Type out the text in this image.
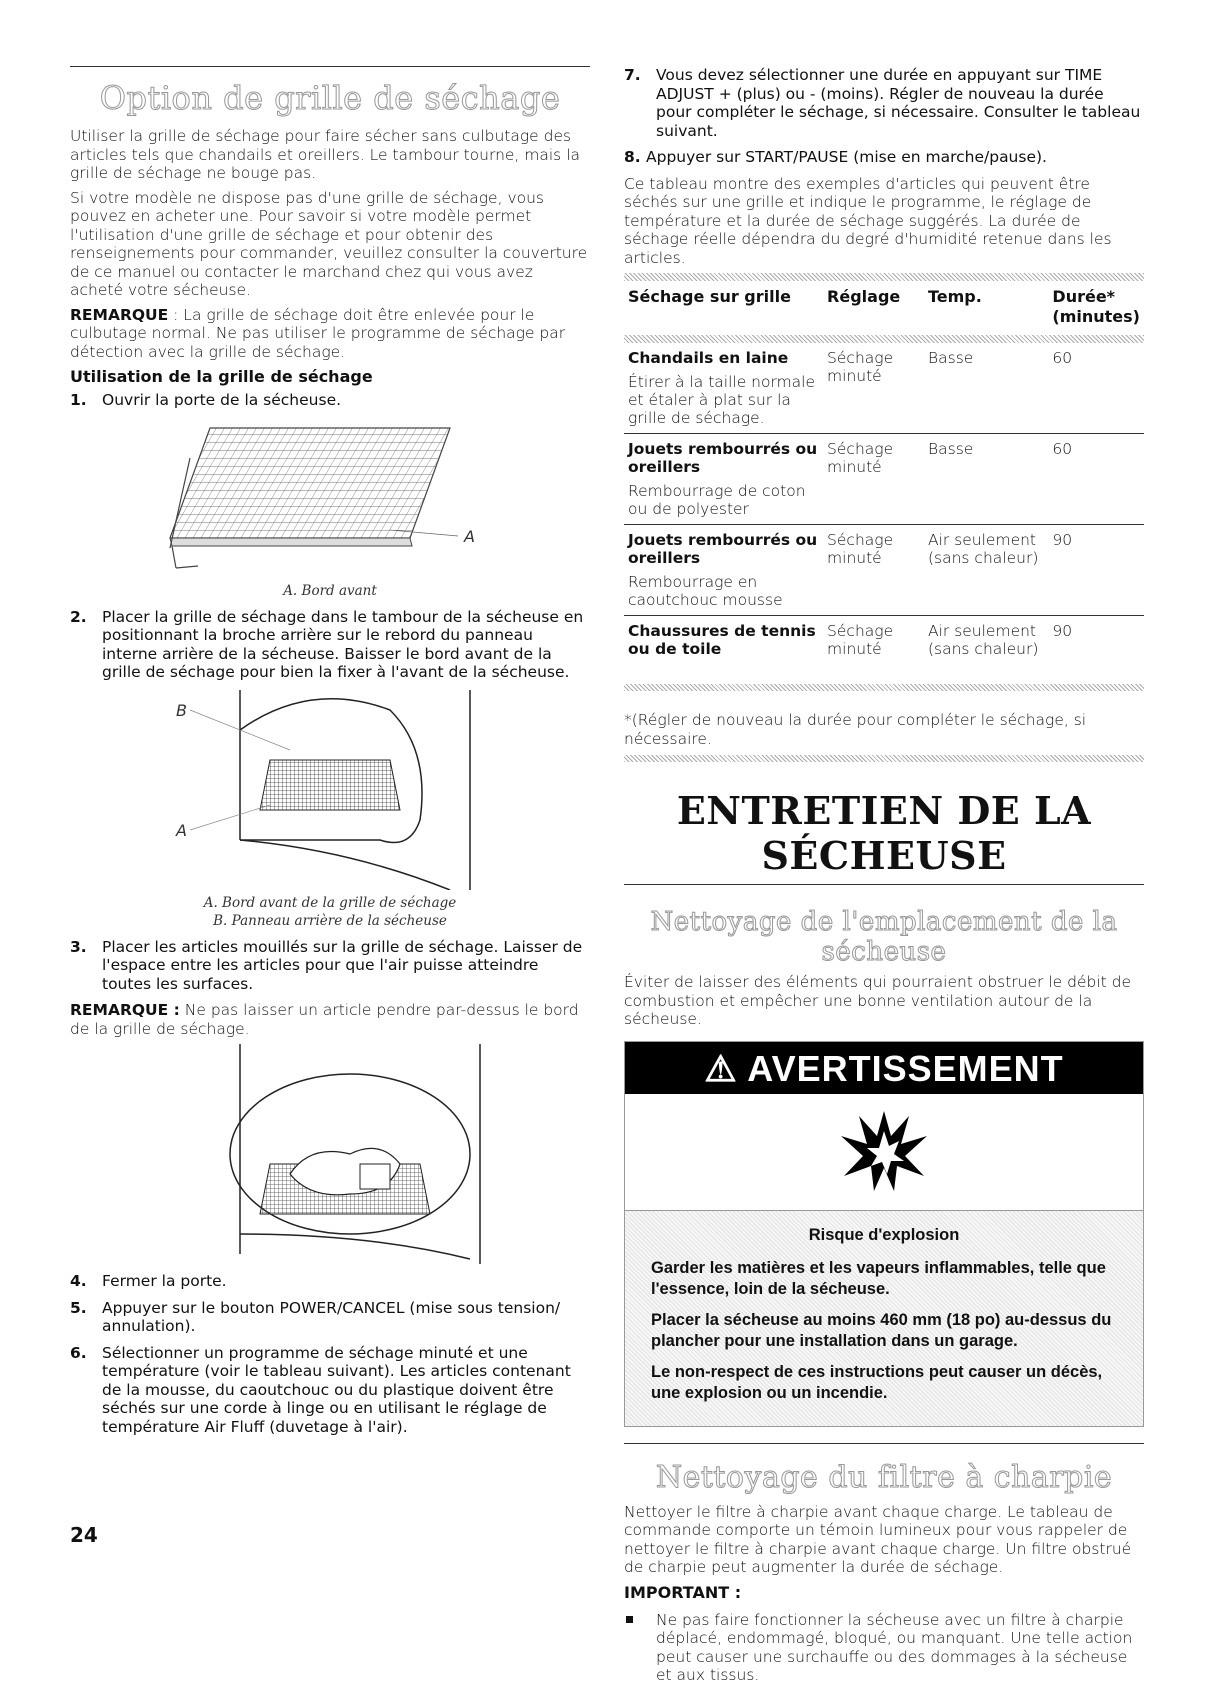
Option de grille de séchage

Utiliser la grille de séchage pour faire sécher sans culbutage des articles tels que chandails et oreillers. Le tambour tourne, mais la grille de séchage ne bouge pas.

Si votre modèle ne dispose pas d'une grille de séchage, vous pouvez en acheter une. Pour savoir si votre modèle permet l'utilisation d'une grille de séchage et pour obtenir des renseignements pour commander, veuillez consulter la couverture de ce manuel ou contacter le marchand chez qui vous avez acheté votre sécheuse.

REMARQUE : La grille de séchage doit être enlevée pour le culbutage normal. Ne pas utiliser le programme de séchage par détection avec la grille de séchage.

Utilisation de la grille de séchage
1. Ouvrir la porte de la sécheuse.
A
A. Bord avant
2. Placer la grille de séchage dans le tambour de la sécheuse en positionnant la broche arrière sur le rebord du panneau interne arrière de la sécheuse. Baisser le bord avant de la grille de séchage pour bien la fixer à l'avant de la sécheuse.
B
A
A. Bord avant de la grille de séchage
B. Panneau arrière de la sécheuse
3. Placer les articles mouillés sur la grille de séchage. Laisser de l'espace entre les articles pour que l'air puisse atteindre toutes les surfaces.

REMARQUE : Ne pas laisser un article pendre par-dessus le bord de la grille de séchage.

4. Fermer la porte.
5. Appuyer sur le bouton POWER/CANCEL (mise sous tension/ annulation).
6. Sélectionner un programme de séchage minuté et une température (voir le tableau suivant). Les articles contenant de la mousse, du caoutchouc ou du plastique doivent être séchés sur une corde à linge ou en utilisant le réglage de température Air Fluff (duvetage à l'air).
7. Vous devez sélectionner une durée en appuyant sur TIME ADJUST + (plus) ou - (moins). Régler de nouveau la durée pour compléter le séchage, si nécessaire. Consulter le tableau suivant.
8. Appuyer sur START/PAUSE (mise en marche/pause).

Ce tableau montre des exemples d'articles qui peuvent être séchés sur une grille et indique le programme, le réglage de température et la durée de séchage suggérés. La durée de séchage réelle dépendra du degré d'humidité retenue dans les articles.

Séchage sur grille	Réglage	Temp.	Durée* (minutes)

Chandails en laine
Étirer à la taille normale et étaler à plat sur la grille de séchage.	Séchage minuté	Basse	60

Jouets rembourrés ou oreillers
Rembourrage de coton ou de polyester	Séchage minuté	Basse	60

Jouets rembourrés ou oreillers
Rembourrage en caoutchouc mousse	Séchage minuté	Air seulement (sans chaleur)	90

Chaussures de tennis ou de toile	Séchage minuté	Air seulement (sans chaleur)	90
*(Régler de nouveau la durée pour compléter le séchage, si nécessaire.
ENTRETIEN DE LA SÉCHEUSE
Nettoyage de l'emplacement de la sécheuse

Éviter de laisser des éléments qui pourraient obstruer le débit de combustion et empêcher une bonne ventilation autour de la sécheuse.

⚠ AVERTISSEMENT
Risque d'explosion
Garder les matières et les vapeurs inflammables, telle que l'essence, loin de la sécheuse.
Placer la sécheuse au moins 460 mm (18 po) au-dessus du plancher pour une installation dans un garage.
Le non-respect de ces instructions peut causer un décès, une explosion ou un incendie.
Nettoyage du filtre à charpie

Nettoyer le filtre à charpie avant chaque charge. Le tableau de commande comporte un témoin lumineux pour vous rappeler de nettoyer le filtre à charpie avant chaque charge. Un filtre obstrué de charpie peut augmenter la durée de séchage.

IMPORTANT :
Ne pas faire fonctionner la sécheuse avec un filtre à charpie déplacé, endommagé, bloqué, ou manquant. Une telle action peut causer une surchauffe ou des dommages à la sécheuse et aux tissus.
24
